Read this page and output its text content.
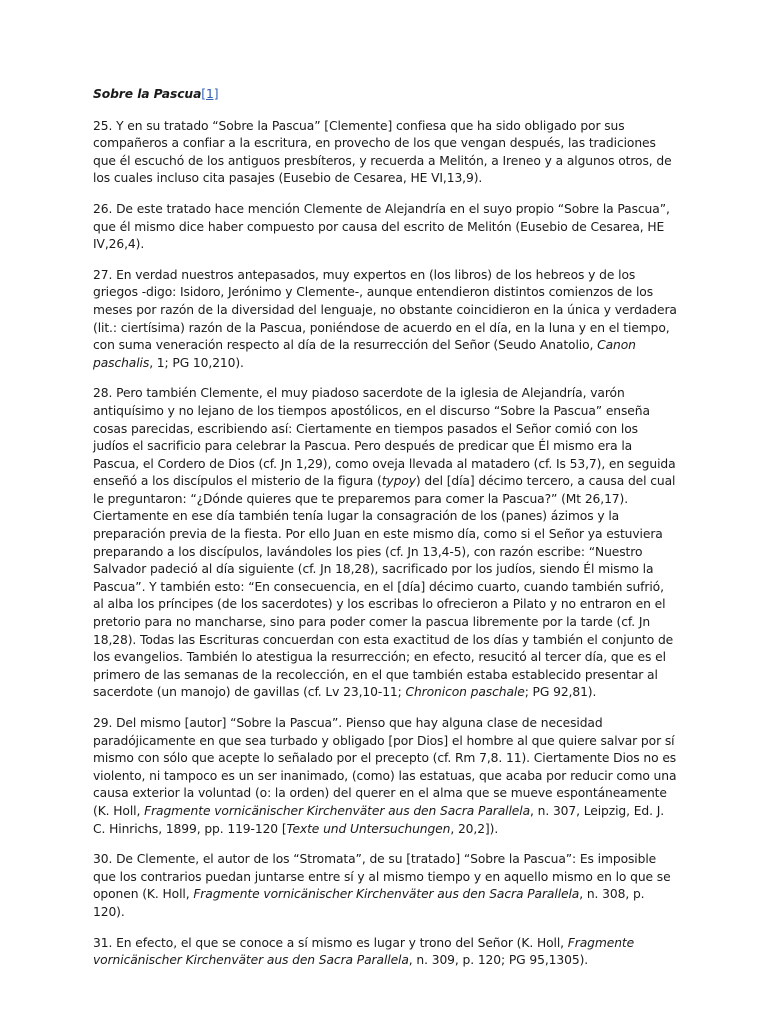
Sobre la Pascua[1]

25. Y en su tratado “Sobre la Pascua” [Clemente] confiesa que ha sido obligado por sus compañeros a confiar a la escritura, en provecho de los que vengan después, las tradiciones que él escuchó de los antiguos presbíteros, y recuerda a Melitón, a Ireneo y a algunos otros, de los cuales incluso cita pasajes (Eusebio de Cesarea, HE VI,13,9).

26. De este tratado hace mención Clemente de Alejandría en el suyo propio “Sobre la Pascua”, que él mismo dice haber compuesto por causa del escrito de Melitón (Eusebio de Cesarea, HE IV,26,4).

27. En verdad nuestros antepasados, muy expertos en (los libros) de los hebreos y de los griegos -digo: Isidoro, Jerónimo y Clemente-, aunque entendieron distintos comienzos de los meses por razón de la diversidad del lenguaje, no obstante coincidieron en la única y verdadera (lit.: ciertísima) razón de la Pascua, poniéndose de acuerdo en el día, en la luna y en el tiempo, con suma veneración respecto al día de la resurrección del Señor (Seudo Anatolio, Canon paschalis, 1; PG 10,210).

28. Pero también Clemente, el muy piadoso sacerdote de la iglesia de Alejandría, varón antiquísimo y no lejano de los tiempos apostólicos, en el discurso “Sobre la Pascua” enseña cosas parecidas, escribiendo así: Ciertamente en tiempos pasados el Señor comió con los judíos el sacrificio para celebrar la Pascua. Pero después de predicar que Él mismo era la Pascua, el Cordero de Dios (cf. Jn 1,29), como oveja llevada al matadero (cf. Is 53,7), en seguida enseñó a los discípulos el misterio de la figura (typoy) del [día] décimo tercero, a causa del cual le preguntaron: “¿Dónde quieres que te preparemos para comer la Pascua?” (Mt 26,17). Ciertamente en ese día también tenía lugar la consagración de los (panes) ázimos y la preparación previa de la fiesta. Por ello Juan en este mismo día, como si el Señor ya estuviera preparando a los discípulos, lavándoles los pies (cf. Jn 13,4-5), con razón escribe: “Nuestro Salvador padeció al día siguiente (cf. Jn 18,28), sacrificado por los judíos, siendo Él mismo la Pascua”. Y también esto: “En consecuencia, en el [día] décimo cuarto, cuando también sufrió, al alba los príncipes (de los sacerdotes) y los escribas lo ofrecieron a Pilato y no entraron en el pretorio para no mancharse, sino para poder comer la pascua libremente por la tarde (cf. Jn 18,28). Todas las Escrituras concuerdan con esta exactitud de los días y también el conjunto de los evangelios. También lo atestigua la resurrección; en efecto, resucitó al tercer día, que es el primero de las semanas de la recolección, en el que también estaba establecido presentar al sacerdote (un manojo) de gavillas (cf. Lv 23,10-11; Chronicon paschale; PG 92,81).

29. Del mismo [autor] “Sobre la Pascua”. Pienso que hay alguna clase de necesidad paradójicamente en que sea turbado y obligado [por Dios] el hombre al que quiere salvar por sí mismo con sólo que acepte lo señalado por el precepto (cf. Rm 7,8. 11). Ciertamente Dios no es violento, ni tampoco es un ser inanimado, (como) las estatuas, que acaba por reducir como una causa exterior la voluntad (o: la orden) del querer en el alma que se mueve espontáneamente (K. Holl, Fragmente vornicänischer Kirchenväter aus den Sacra Parallela, n. 307, Leipzig, Ed. J. C. Hinrichs, 1899, pp. 119-120 [Texte und Untersuchungen, 20,2]).

30. De Clemente, el autor de los “Stromata”, de su [tratado] “Sobre la Pascua”: Es imposible que los contrarios puedan juntarse entre sí y al mismo tiempo y en aquello mismo en lo que se oponen (K. Holl, Fragmente vornicänischer Kirchenväter aus den Sacra Parallela, n. 308, p. 120).

31. En efecto, el que se conoce a sí mismo es lugar y trono del Señor (K. Holl, Fragmente vornicänischer Kirchenväter aus den Sacra Parallela, n. 309, p. 120; PG 95,1305).
